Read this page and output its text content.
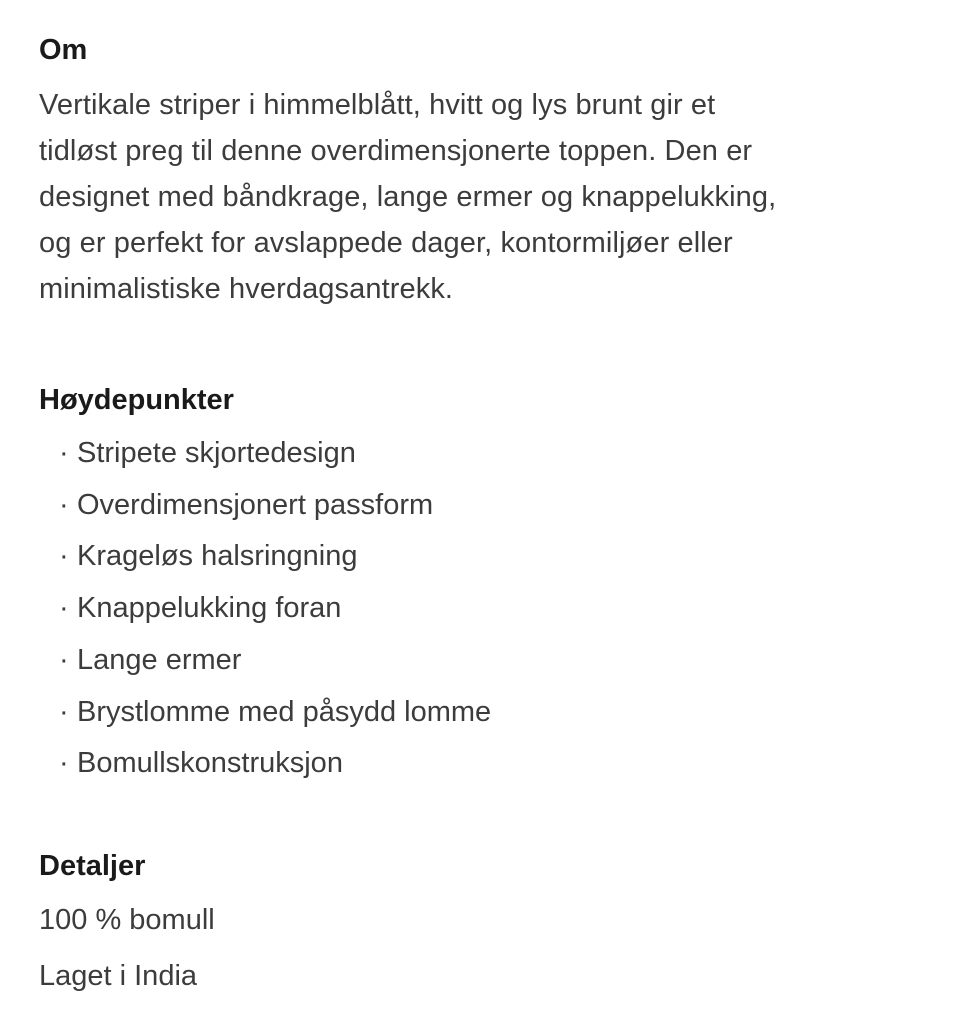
Om

Vertikale striper i himmelblått, hvitt og lys brunt gir et
tidløst preg til denne overdimensjonerte toppen. Den er
designet med båndkrage, lange ermer og knappelukking,
og er perfekt for avslappede dager, kontormiljøer eller
minimalistiske hverdagsantrekk.

Høydepunkter
· Stripete skjortedesign
· Overdimensjonert passform
· Krageløs halsringning
· Knappelukking foran
· Lange ermer
· Brystlomme med påsydd lomme
· Bomullskonstruksjon
Detaljer

100 % bomull

Laget i India
